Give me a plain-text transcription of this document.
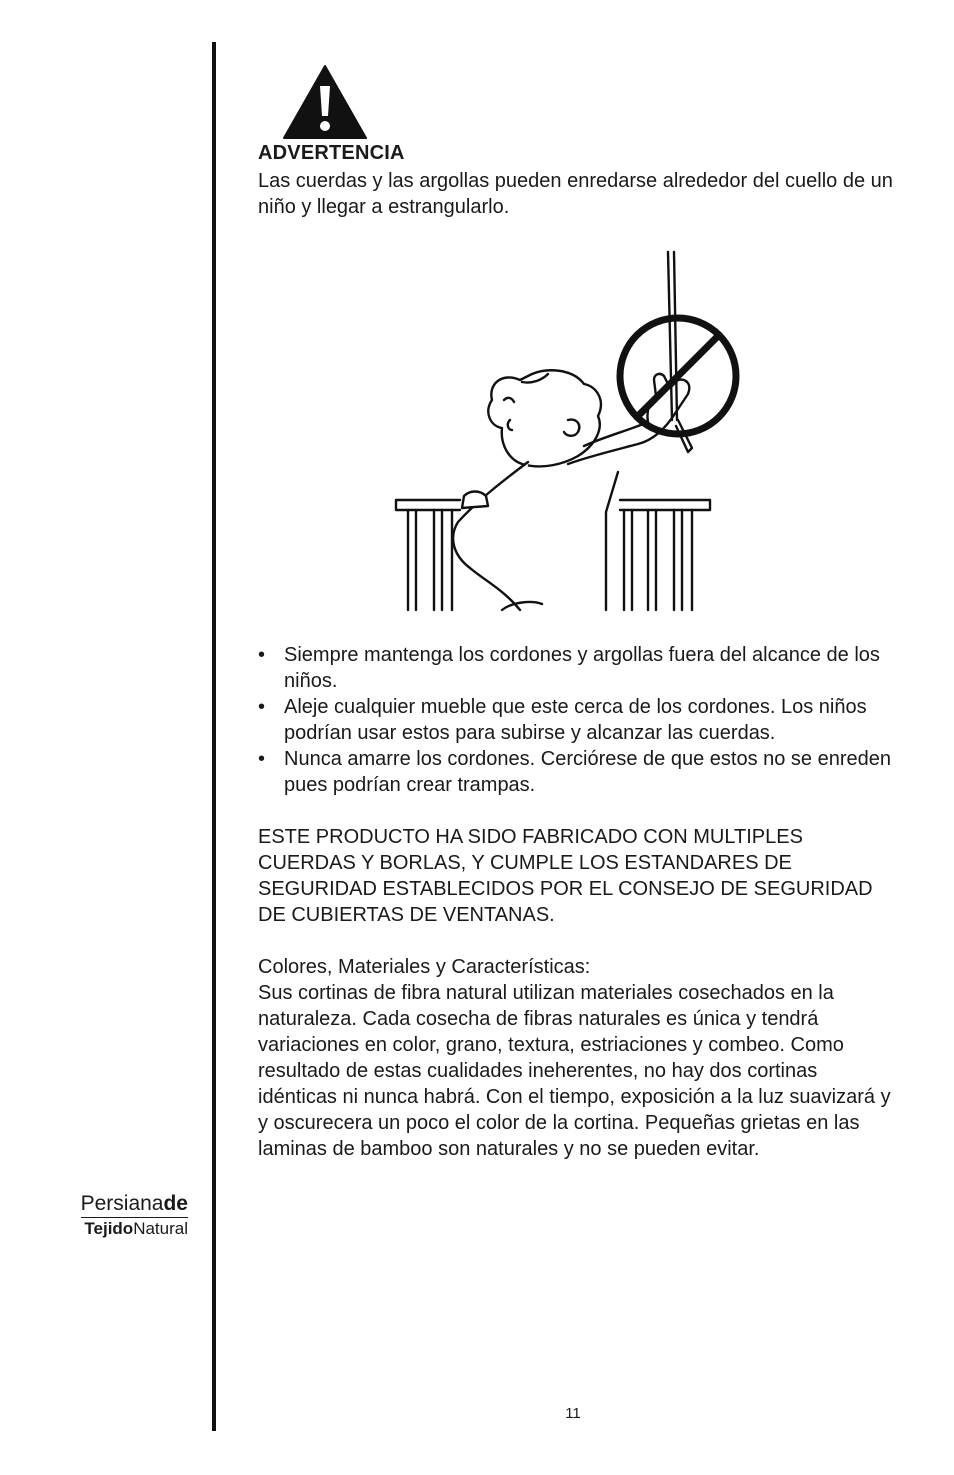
ADVERTENCIA
Las cuerdas y las argollas pueden enredarse alrededor del cuello de un niño y llegar a estrangularlo.
• Siempre mantenga los cordones y argollas fuera del alcance de los niños.
• Aleje cualquier mueble que este cerca de los cordones. Los niños podrían usar estos para subirse y alcanzar las cuerdas.
• Nunca amarre los cordones. Cerciórese de que estos no se enreden pues podrían crear trampas.
ESTE PRODUCTO HA SIDO FABRICADO CON MULTIPLES CUERDAS Y BORLAS, Y CUMPLE LOS ESTANDARES DE SEGURIDAD ESTABLECIDOS POR EL CONSEJO DE SEGURIDAD DE CUBIERTAS DE VENTANAS.
Colores, Materiales y Características:
Sus cortinas de fibra natural utilizan materiales cosechados en la naturaleza. Cada cosecha de fibras naturales es única y tendrá variaciones en color, grano, textura, estriaciones y combeo. Como resultado de estas cualidades ineherentes, no hay dos cortinas idénticas ni nunca habrá. Con el tiempo, exposición a la luz suavizará y y oscurecera un poco el color de la cortina. Pequeñas grietas en las laminas de bamboo son naturales y no se pueden evitar.
Persianade
TejidoNatural
11
